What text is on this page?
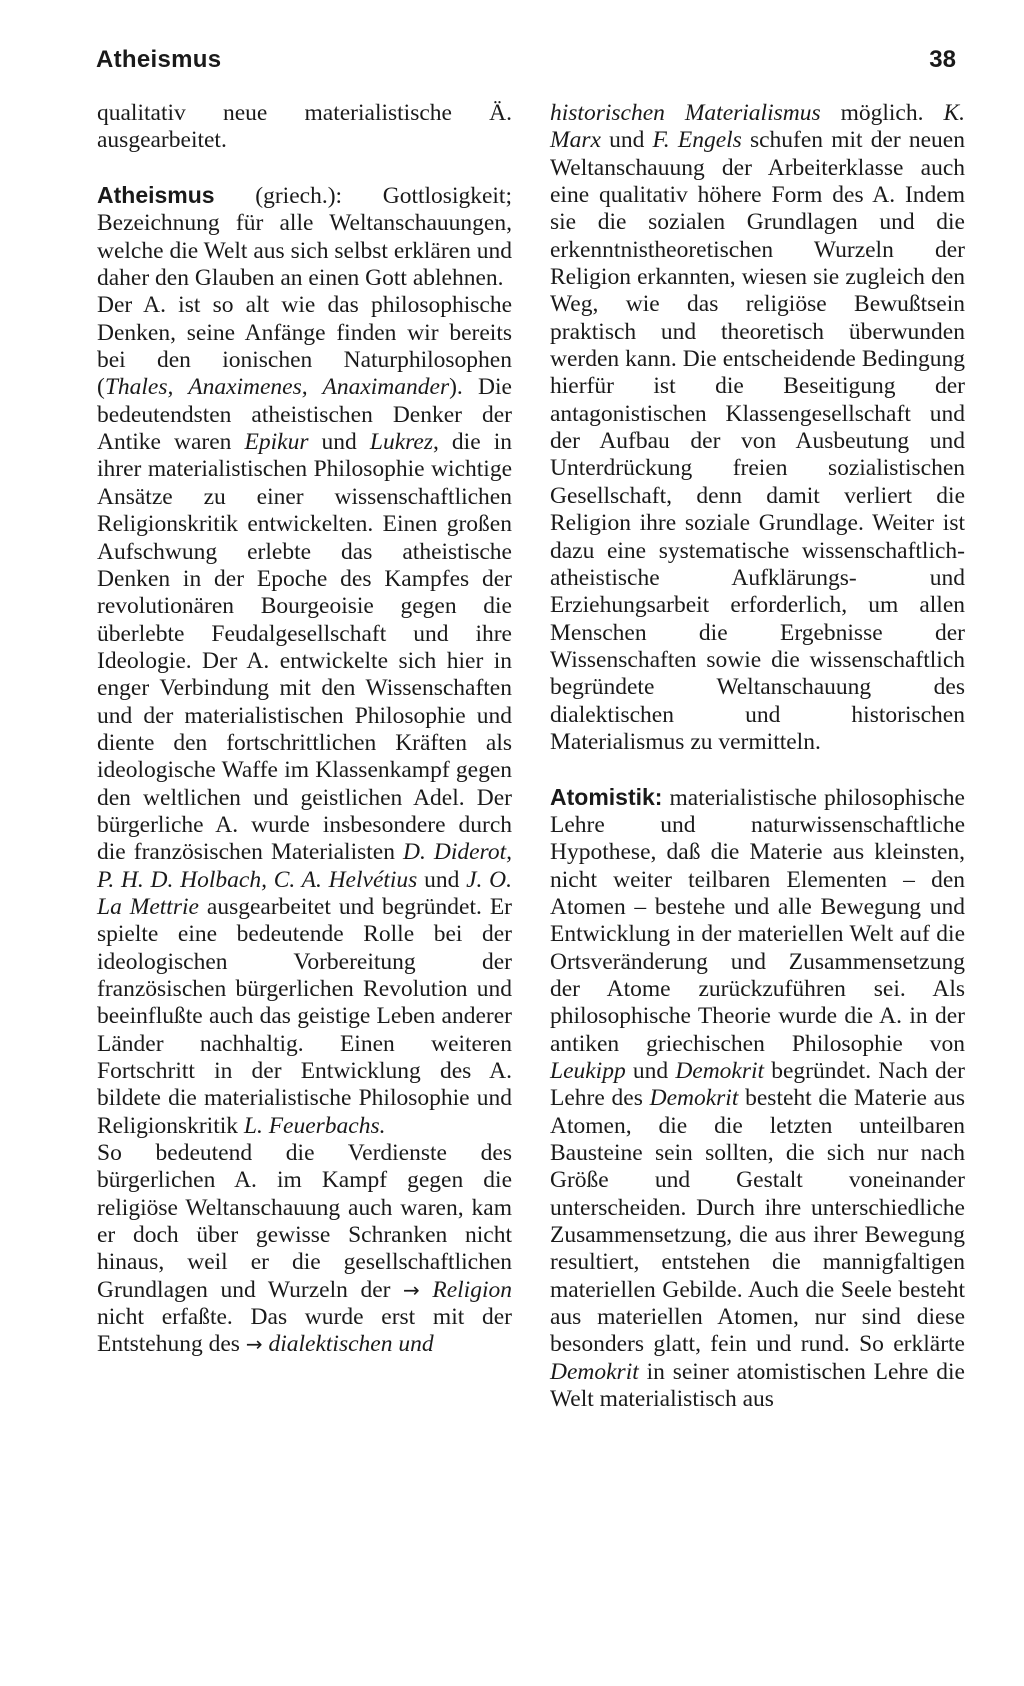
Atheismus	38

qualitativ neue materialistische Ä. ausgearbeitet.

Atheismus (griech.): Gottlosigkeit; Bezeichnung für alle Weltanschauungen, welche die Welt aus sich selbst erklären und daher den Glauben an einen Gott ablehnen.

Der A. ist so alt wie das philosophische Denken, seine Anfänge finden wir bereits bei den ionischen Naturphilosophen (Thales, Anaximenes, Anaximander). Die bedeutendsten atheistischen Denker der Antike waren Epikur und Lukrez, die in ihrer materialistischen Philosophie wichtige Ansätze zu einer wissenschaftlichen Religionskritik entwickelten. Einen großen Aufschwung erlebte das atheistische Denken in der Epoche des Kampfes der revolutionären Bourgeoisie gegen die überlebte Feudalgesellschaft und ihre Ideologie. Der A. entwickelte sich hier in enger Verbindung mit den Wissenschaften und der materialistischen Philosophie und diente den fortschrittlichen Kräften als ideologische Waffe im Klassenkampf gegen den weltlichen und geistlichen Adel. Der bürgerliche A. wurde insbesondere durch die französischen Materialisten D. Diderot, P. H. D. Holbach, C. A. Helvétius und J. O. La Mettrie ausgearbeitet und begründet. Er spielte eine bedeutende Rolle bei der ideologischen Vorbereitung der französischen bürgerlichen Revolution und beeinflußte auch das geistige Leben anderer Länder nachhaltig. Einen weiteren Fortschritt in der Entwicklung des A. bildete die materialistische Philosophie und Religionskritik L. Feuerbachs.

So bedeutend die Verdienste des bürgerlichen A. im Kampf gegen die religiöse Weltanschauung auch waren, kam er doch über gewisse Schranken nicht hinaus, weil er die gesellschaftlichen Grundlagen und Wurzeln der → Religion nicht erfaßte. Das wurde erst mit der Entstehung des → dialektischen und

historischen Materialismus möglich. K. Marx und F. Engels schufen mit der neuen Weltanschauung der Arbeiterklasse auch eine qualitativ höhere Form des A. Indem sie die sozialen Grundlagen und die erkenntnistheoretischen Wurzeln der Religion erkannten, wiesen sie zugleich den Weg, wie das religiöse Bewußtsein praktisch und theoretisch überwunden werden kann. Die entscheidende Bedingung hierfür ist die Beseitigung der antagonistischen Klassengesellschaft und der Aufbau der von Ausbeutung und Unterdrückung freien sozialistischen Gesellschaft, denn damit verliert die Religion ihre soziale Grundlage. Weiter ist dazu eine systematische wissenschaftlich-atheistische Aufklärungs- und Erziehungsarbeit erforderlich, um allen Menschen die Ergebnisse der Wissenschaften sowie die wissenschaftlich begründete Weltanschauung des dialektischen und historischen Materialismus zu vermitteln.

Atomistik: materialistische philosophische Lehre und naturwissenschaftliche Hypothese, daß die Materie aus kleinsten, nicht weiter teilbaren Elementen – den Atomen – bestehe und alle Bewegung und Entwicklung in der materiellen Welt auf die Ortsveränderung und Zusammensetzung der Atome zurückzuführen sei. Als philosophische Theorie wurde die A. in der antiken griechischen Philosophie von Leukipp und Demokrit begründet. Nach der Lehre des Demokrit besteht die Materie aus Atomen, die die letzten unteilbaren Bausteine sein sollten, die sich nur nach Größe und Gestalt voneinander unterscheiden. Durch ihre unterschiedliche Zusammensetzung, die aus ihrer Bewegung resultiert, entstehen die mannigfaltigen materiellen Gebilde. Auch die Seele besteht aus materiellen Atomen, nur sind diese besonders glatt, fein und rund. So erklärte Demokrit in seiner atomistischen Lehre die Welt materialistisch aus
